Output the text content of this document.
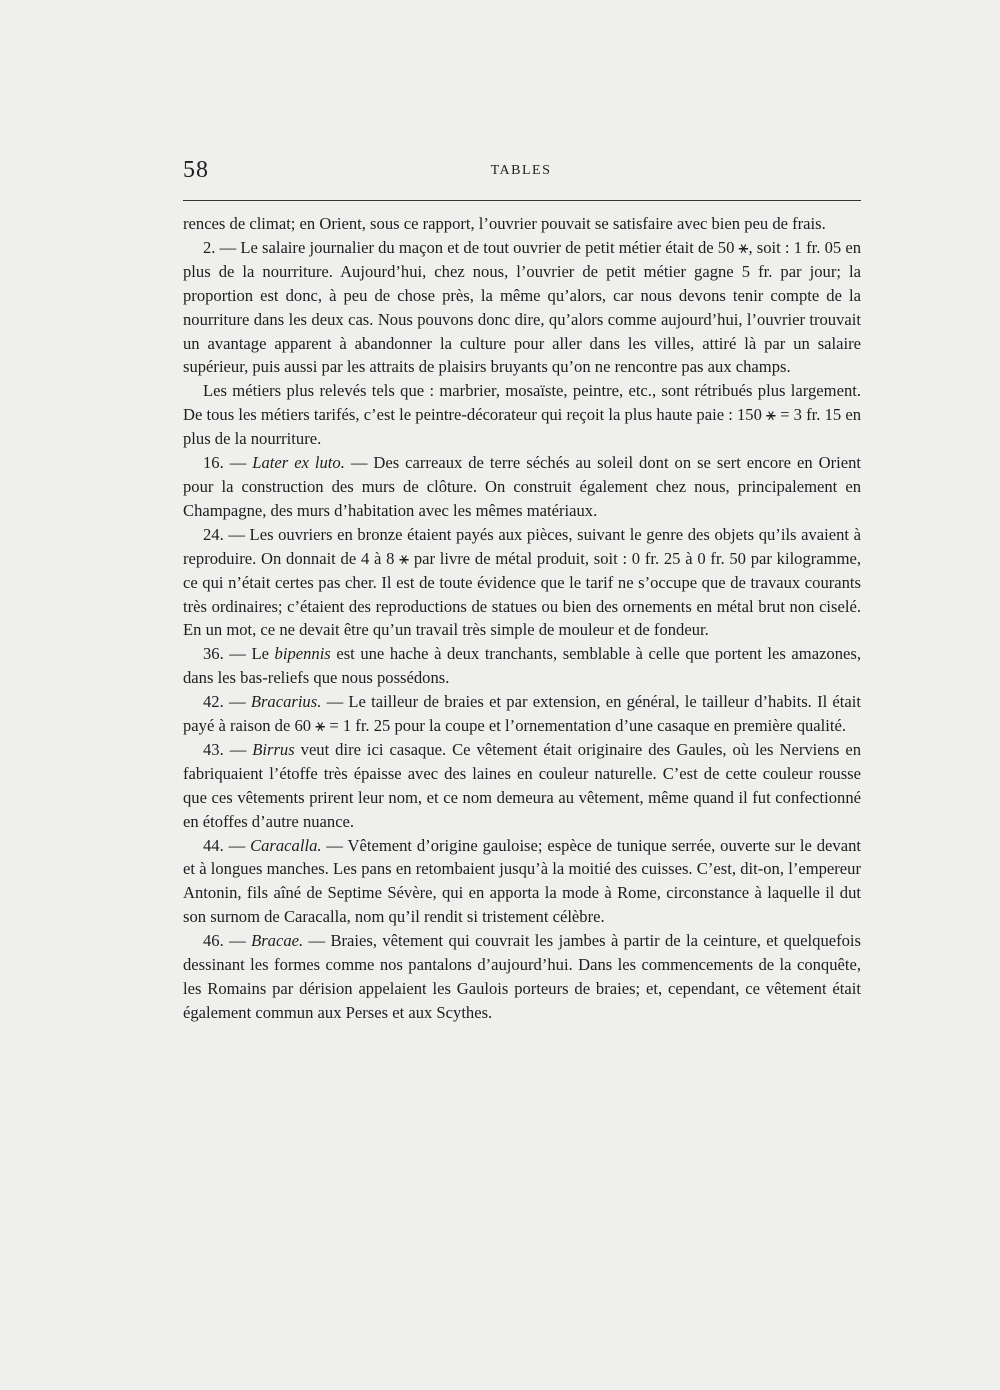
58	TABLES

rences de climat; en Orient, sous ce rapport, l’ouvrier pouvait se satisfaire avec bien peu de frais.

2. — Le salaire journalier du maçon et de tout ouvrier de petit métier était de 50 ⚹, soit : 1 fr. 05 en plus de la nourriture. Aujourd’hui, chez nous, l’ouvrier de petit métier gagne 5 fr. par jour; la proportion est donc, à peu de chose près, la même qu’alors, car nous devons tenir compte de la nourriture dans les deux cas. Nous pouvons donc dire, qu’alors comme aujourd’hui, l’ouvrier trouvait un avantage apparent à abandonner la culture pour aller dans les villes, attiré là par un salaire supérieur, puis aussi par les attraits de plaisirs bruyants qu’on ne rencontre pas aux champs.

Les métiers plus relevés tels que : marbrier, mosaïste, peintre, etc., sont rétribués plus largement. De tous les métiers tarifés, c’est le peintre-décorateur qui reçoit la plus haute paie : 150 ⚹ = 3 fr. 15 en plus de la nourriture.

16. — Later ex luto. — Des carreaux de terre séchés au soleil dont on se sert encore en Orient pour la construction des murs de clôture. On construit également chez nous, principalement en Champagne, des murs d’habitation avec les mêmes matériaux.

24. — Les ouvriers en bronze étaient payés aux pièces, suivant le genre des objets qu’ils avaient à reproduire. On donnait de 4 à 8 ⚹ par livre de métal produit, soit : 0 fr. 25 à 0 fr. 50 par kilogramme, ce qui n’était certes pas cher. Il est de toute évidence que le tarif ne s’occupe que de travaux courants très ordinaires; c’étaient des reproductions de statues ou bien des ornements en métal brut non ciselé. En un mot, ce ne devait être qu’un travail très simple de mouleur et de fondeur.

36. — Le bipennis est une hache à deux tranchants, semblable à celle que portent les amazones, dans les bas-reliefs que nous possédons.

42. — Bracarius. — Le tailleur de braies et par extension, en général, le tailleur d’habits. Il était payé à raison de 60 ⚹ = 1 fr. 25 pour la coupe et l’ornementation d’une casaque en première qualité.

43. — Birrus veut dire ici casaque. Ce vêtement était originaire des Gaules, où les Nerviens en fabriquaient l’étoffe très épaisse avec des laines en couleur naturelle. C’est de cette couleur rousse que ces vêtements prirent leur nom, et ce nom demeura au vêtement, même quand il fut confectionné en étoffes d’autre nuance.

44. — Caracalla. — Vêtement d’origine gauloise; espèce de tunique serrée, ouverte sur le devant et à longues manches. Les pans en retombaient jusqu’à la moitié des cuisses. C’est, dit-on, l’empereur Antonin, fils aîné de Septime Sévère, qui en apporta la mode à Rome, circonstance à laquelle il dut son surnom de Caracalla, nom qu’il rendit si tristement célèbre.

46. — Bracae. — Braies, vêtement qui couvrait les jambes à partir de la ceinture, et quelquefois dessinant les formes comme nos pantalons d’aujourd’hui. Dans les commencements de la conquête, les Romains par dérision appelaient les Gaulois porteurs de braies; et, cependant, ce vêtement était également commun aux Perses et aux Scythes.
